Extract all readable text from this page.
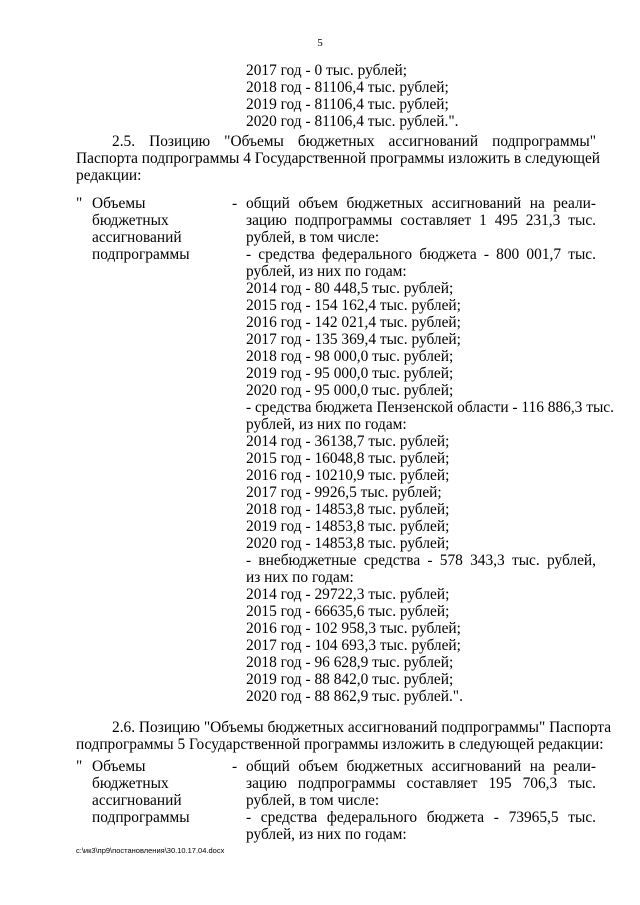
5
2017 год - 0 тыс. рублей;
2018 год - 81106,4 тыс. рублей;
2019 год - 81106,4 тыс. рублей;
2020 год - 81106,4 тыс. рублей.".
2.5. Позицию "Объемы бюджетных ассигнований подпрограммы"
Паспорта подпрограммы 4 Государственной программы изложить в следующей
редакции:
" Объемы
бюджетных
ассигнований
подпрограммы
- общий объем бюджетных ассигнований на реали-
зацию подпрограммы составляет 1 495 231,3 тыс.
рублей, в том числе:
- средства федерального бюджета - 800 001,7 тыс.
рублей, из них по годам:
2014 год - 80 448,5 тыс. рублей;
2015 год - 154 162,4 тыс. рублей;
2016 год - 142 021,4 тыс. рублей;
2017 год - 135 369,4 тыс. рублей;
2018 год - 98 000,0 тыс. рублей;
2019 год - 95 000,0 тыс. рублей;
2020 год - 95 000,0 тыс. рублей;
- средства бюджета Пензенской области - 116 886,3 тыс.
рублей, из них по годам:
2014 год - 36138,7 тыс. рублей;
2015 год - 16048,8 тыс. рублей;
2016 год - 10210,9 тыс. рублей;
2017 год - 9926,5 тыс. рублей;
2018 год - 14853,8 тыс. рублей;
2019 год - 14853,8 тыс. рублей;
2020 год - 14853,8 тыс. рублей;
- внебюджетные средства - 578 343,3 тыс. рублей,
из них по годам:
2014 год - 29722,3 тыс. рублей;
2015 год - 66635,6 тыс. рублей;
2016 год - 102 958,3 тыс. рублей;
2017 год - 104 693,3 тыс. рублей;
2018 год - 96 628,9 тыс. рублей;
2019 год - 88 842,0 тыс. рублей;
2020 год - 88 862,9 тыс. рублей.".
2.6. Позицию "Объемы бюджетных ассигнований подпрограммы" Паспорта
подпрограммы 5 Государственной программы изложить в следующей редакции:
" Объемы
бюджетных
ассигнований
подпрограммы
- общий объем бюджетных ассигнований на реали-
зацию подпрограммы составляет 195 706,3 тыс.
рублей, в том числе:
- средства федерального бюджета - 73965,5 тыс.
рублей, из них по годам:
c:\ик3\пр9\постановления\30.10.17.04.docx
